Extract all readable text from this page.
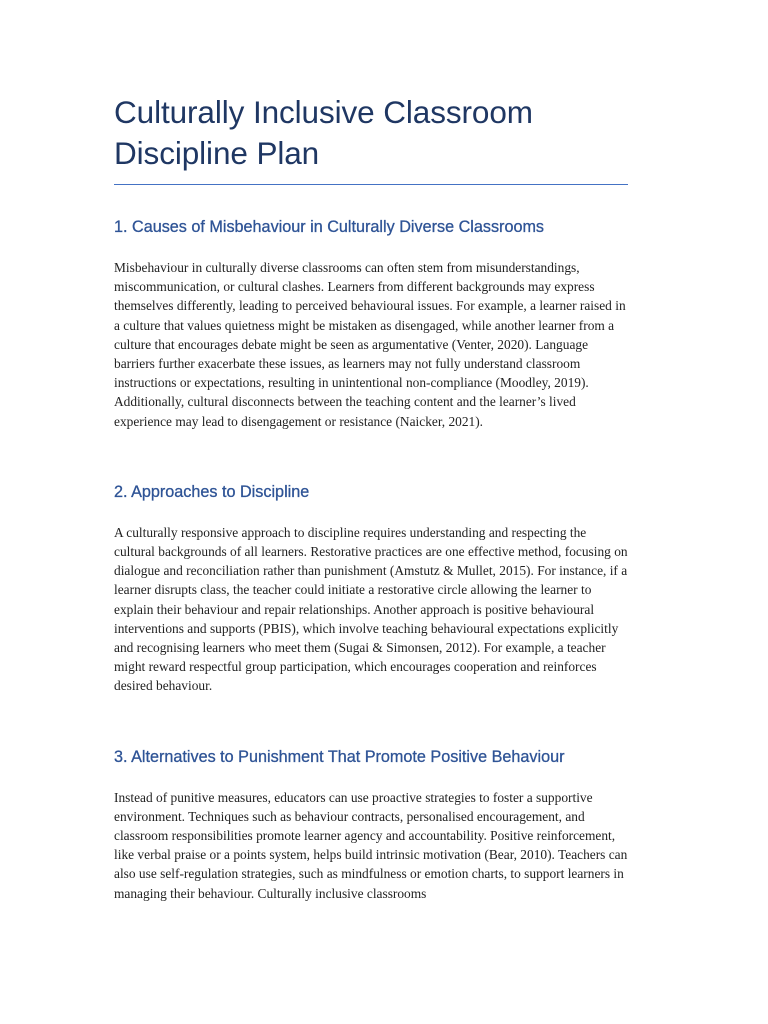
Culturally Inclusive Classroom Discipline Plan
1. Causes of Misbehaviour in Culturally Diverse Classrooms

Misbehaviour in culturally diverse classrooms can often stem from misunderstandings, miscommunication, or cultural clashes. Learners from different backgrounds may express themselves differently, leading to perceived behavioural issues. For example, a learner raised in a culture that values quietness might be mistaken as disengaged, while another learner from a culture that encourages debate might be seen as argumentative (Venter, 2020). Language barriers further exacerbate these issues, as learners may not fully understand classroom instructions or expectations, resulting in unintentional non-compliance (Moodley, 2019). Additionally, cultural disconnects between the teaching content and the learner’s lived experience may lead to disengagement or resistance (Naicker, 2021).

2. Approaches to Discipline

A culturally responsive approach to discipline requires understanding and respecting the cultural backgrounds of all learners. Restorative practices are one effective method, focusing on dialogue and reconciliation rather than punishment (Amstutz & Mullet, 2015). For instance, if a learner disrupts class, the teacher could initiate a restorative circle allowing the learner to explain their behaviour and repair relationships. Another approach is positive behavioural interventions and supports (PBIS), which involve teaching behavioural expectations explicitly and recognising learners who meet them (Sugai & Simonsen, 2012). For example, a teacher might reward respectful group participation, which encourages cooperation and reinforces desired behaviour.

3. Alternatives to Punishment That Promote Positive Behaviour

Instead of punitive measures, educators can use proactive strategies to foster a supportive environment. Techniques such as behaviour contracts, personalised encouragement, and classroom responsibilities promote learner agency and accountability. Positive reinforcement, like verbal praise or a points system, helps build intrinsic motivation (Bear, 2010). Teachers can also use self-regulation strategies, such as mindfulness or emotion charts, to support learners in managing their behaviour. Culturally inclusive classrooms
